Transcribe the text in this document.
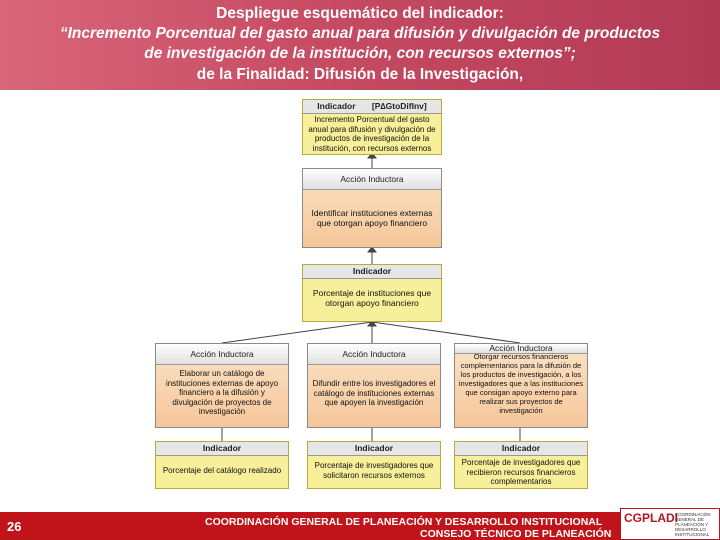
Despliegue esquemático del indicador:
“Incremento Porcentual del gasto anual para difusión y divulgación de productos
de investigación de la institución, con recursos externos”;
de la Finalidad: Difusión de la Investigación,
Indicador [P∆GtoDifInv]
Incremento Porcentual del gasto anual para difusión y divulgación de productos de investigación de la institución, con recursos externos
Acción Inductora
Identificar instituciones externas que otorgan apoyo financiero
Indicador
Porcentaje de instituciones que otorgan apoyo financiero
Acción Inductora
Elaborar un catálogo de instituciones externas de apoyo financiero a la difusión y divulgación de proyectos de investigación
Acción Inductora
Difundir entre los investigadores el catálogo de instituciones externas que apoyen la investigación
Acción Inductora
Otorgar recursos financieros complementarios para la difusión de los productos de investigación, a los investigadores que a las instituciones que consigan apoyo externo para realizar sus proyectos de investigación
Indicador
Porcentaje del catálogo realizado
Indicador
Porcentaje de investigadores que solicitaron recursos externos
Indicador
Porcentaje de investigadores que recibieron recursos financieros complementarios
26	COORDINACIÓN GENERAL DE PLANEACIÓN Y DESARROLLO INSTITUCIONAL
CONSEJO TÉCNICO DE PLANEACIÓN
CGPLADI
COORDINACIÓN GENERAL DE PLANEACIÓN Y DESARROLLO INSTITUCIONAL
